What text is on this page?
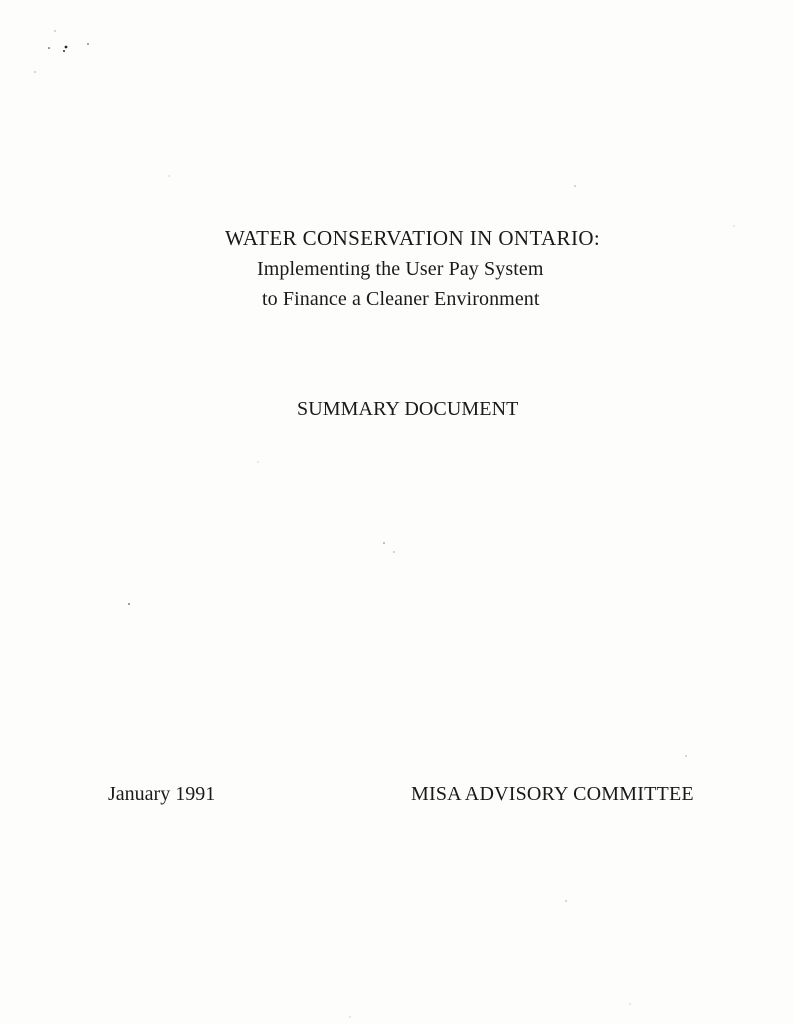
WATER CONSERVATION IN ONTARIO:
Implementing the User Pay System
to Finance a Cleaner Environment
SUMMARY DOCUMENT
January 1991	MISA ADVISORY COMMITTEE
